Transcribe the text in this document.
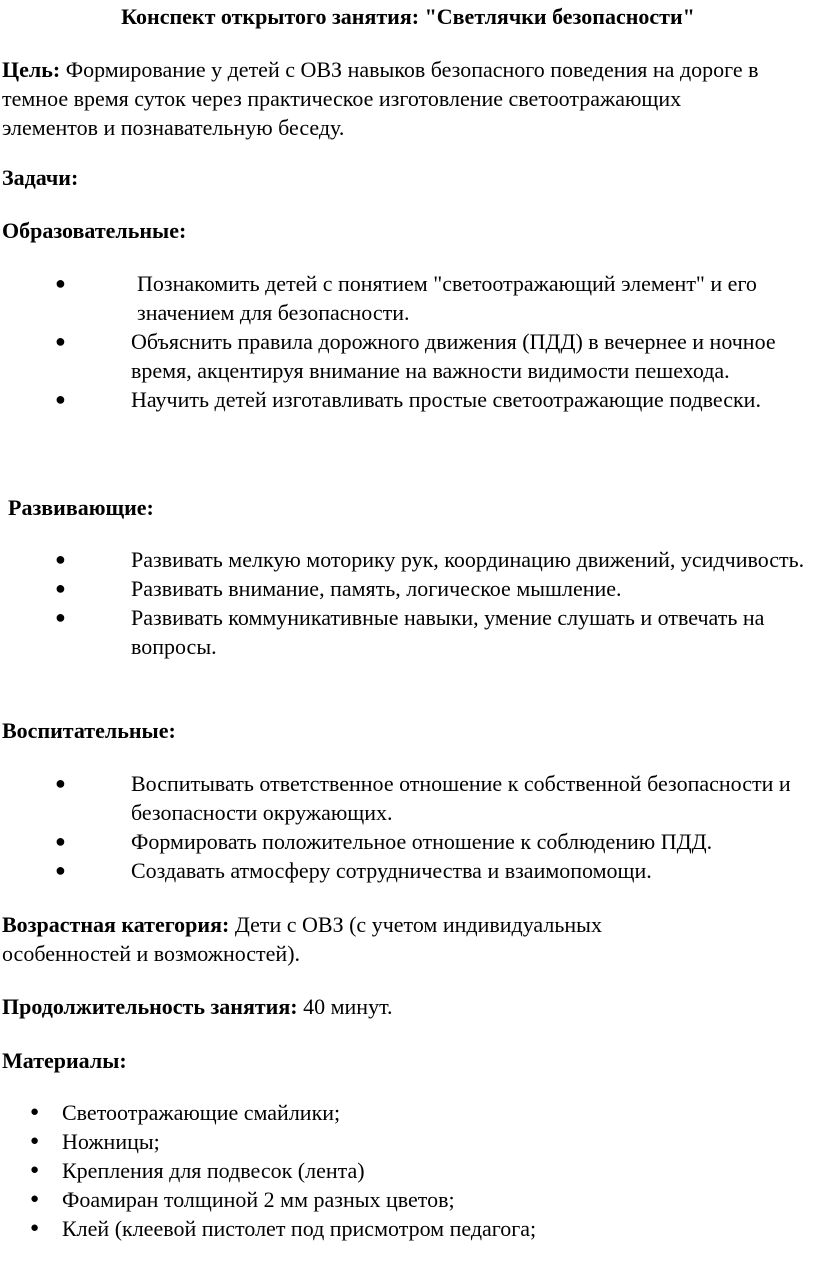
Конспект открытого занятия: "Светлячки безопасности"
Цель: Формирование у детей с ОВЗ навыков безопасного поведения на дороге в темное время суток через практическое изготовление светоотражающих элементов и познавательную беседу.
Задачи:
Образовательные:
●	Познакомить детей с понятием "светоотражающий элемент" и его значением для безопасности.
●	Объяснить правила дорожного движения (ПДД) в вечернее и ночное время, акцентируя внимание на важности видимости пешехода.
●	Научить детей изготавливать простые светоотражающие подвески.
Развивающие:
●	Развивать мелкую моторику рук, координацию движений, усидчивость.
●	Развивать внимание, память, логическое мышление.
●	Развивать коммуникативные навыки, умение слушать и отвечать на вопросы.
Воспитательные:
●	Воспитывать ответственное отношение к собственной безопасности и безопасности окружающих.
●	Формировать положительное отношение к соблюдению ПДД.
●	Создавать атмосферу сотрудничества и взаимопомощи.
Возрастная категория: Дети с ОВЗ (с учетом индивидуальных особенностей и возможностей).
Продолжительность занятия: 40 минут.
Материалы:
● Светоотражающие смайлики;
● Ножницы;
● Крепления для подвесок (лента)
● Фоамиран толщиной 2 мм разных цветов;
● Клей (клеевой пистолет под присмотром педагога;
